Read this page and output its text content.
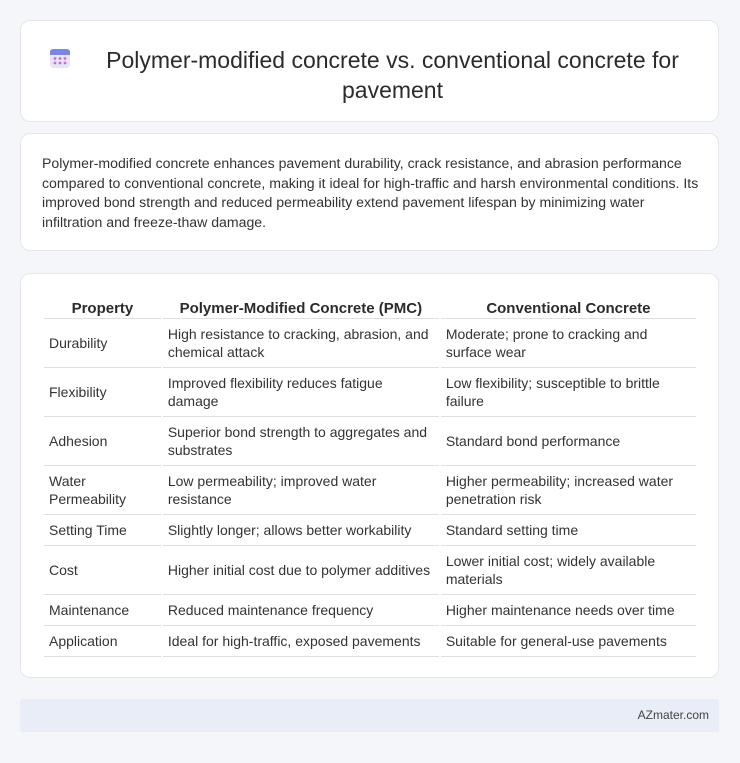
Polymer-modified concrete vs. conventional concrete for pavement

Polymer-modified concrete enhances pavement durability, crack resistance, and abrasion performance compared to conventional concrete, making it ideal for high-traffic and harsh environmental conditions. Its improved bond strength and reduced permeability extend pavement lifespan by minimizing water infiltration and freeze-thaw damage.

Property	Polymer-Modified Concrete (PMC)	Conventional Concrete
Durability	High resistance to cracking, abrasion, and chemical attack	Moderate; prone to cracking and surface wear
Flexibility	Improved flexibility reduces fatigue damage	Low flexibility; susceptible to brittle failure
Adhesion	Superior bond strength to aggregates and substrates	Standard bond performance
Water Permeability	Low permeability; improved water resistance	Higher permeability; increased water penetration risk
Setting Time	Slightly longer; allows better workability	Standard setting time
Cost	Higher initial cost due to polymer additives	Lower initial cost; widely available materials
Maintenance	Reduced maintenance frequency	Higher maintenance needs over time
Application	Ideal for high-traffic, exposed pavements	Suitable for general-use pavements
AZmater.com
